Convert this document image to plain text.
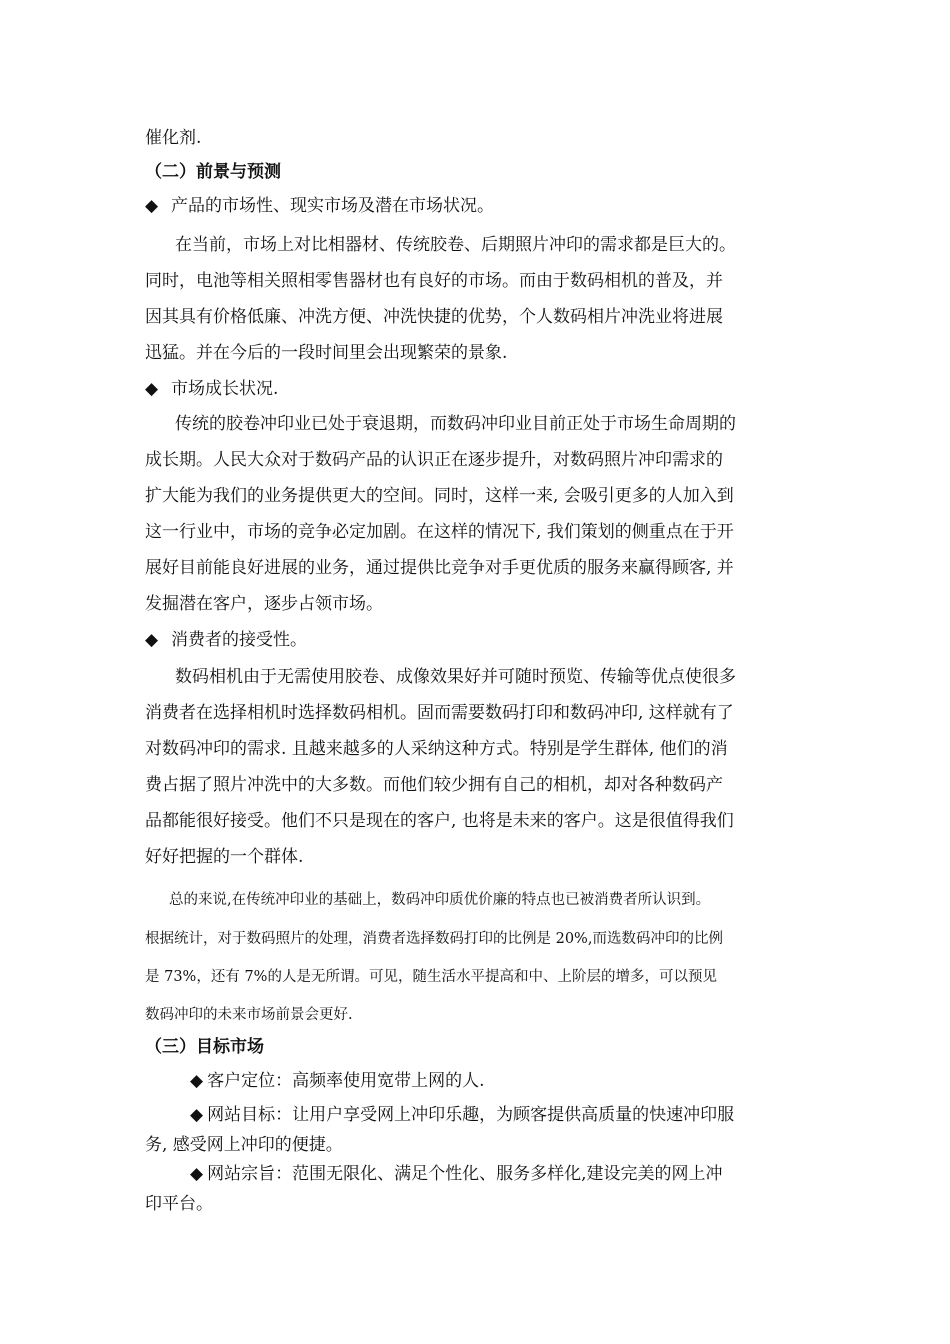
催化剂.
（二）前景与预测
◆ 产品的市场性、现实市场及潜在市场状况。
在当前，市场上对比相器材、传统胶卷、后期照片冲印的需求都是巨大的。
同时，电池等相关照相零售器材也有良好的市场。而由于数码相机的普及，并
因其具有价格低廉、冲洗方便、冲洗快捷的优势，个人数码相片冲洗业将进展
迅猛。并在今后的一段时间里会出现繁荣的景象.
◆ 市场成长状况.
传统的胶卷冲印业已处于衰退期，而数码冲印业目前正处于市场生命周期的
成长期。人民大众对于数码产品的认识正在逐步提升，对数码照片冲印需求的
扩大能为我们的业务提供更大的空间。同时，这样一来, 会吸引更多的人加入到
这一行业中，市场的竞争必定加剧。在这样的情况下, 我们策划的侧重点在于开
展好目前能良好进展的业务，通过提供比竞争对手更优质的服务来赢得顾客, 并
发掘潜在客户，逐步占领市场。
◆ 消费者的接受性。
数码相机由于无需使用胶卷、成像效果好并可随时预览、传输等优点使很多
消费者在选择相机时选择数码相机。固而需要数码打印和数码冲印, 这样就有了
对数码冲印的需求. 且越来越多的人采纳这种方式。特别是学生群体, 他们的消
费占据了照片冲洗中的大多数。而他们较少拥有自己的相机，却对各种数码产
品都能很好接受。他们不只是现在的客户, 也将是未来的客户。这是很值得我们
好好把握的一个群体.
总的来说,在传统冲印业的基础上，数码冲印质优价廉的特点也已被消费者所认识到。
根据统计，对于数码照片的处理，消费者选择数码打印的比例是 20%,而选数码冲印的比例
是 73%，还有 7%的人是无所谓。可见，随生活水平提高和中、上阶层的增多，可以预见
数码冲印的未来市场前景会更好.
（三）目标市场
◆ 客户定位：高频率使用宽带上网的人.
◆ 网站目标：让用户享受网上冲印乐趣，为顾客提供高质量的快速冲印服
务, 感受网上冲印的便捷。
◆ 网站宗旨：范围无限化、满足个性化、服务多样化,建设完美的网上冲
印平台。
